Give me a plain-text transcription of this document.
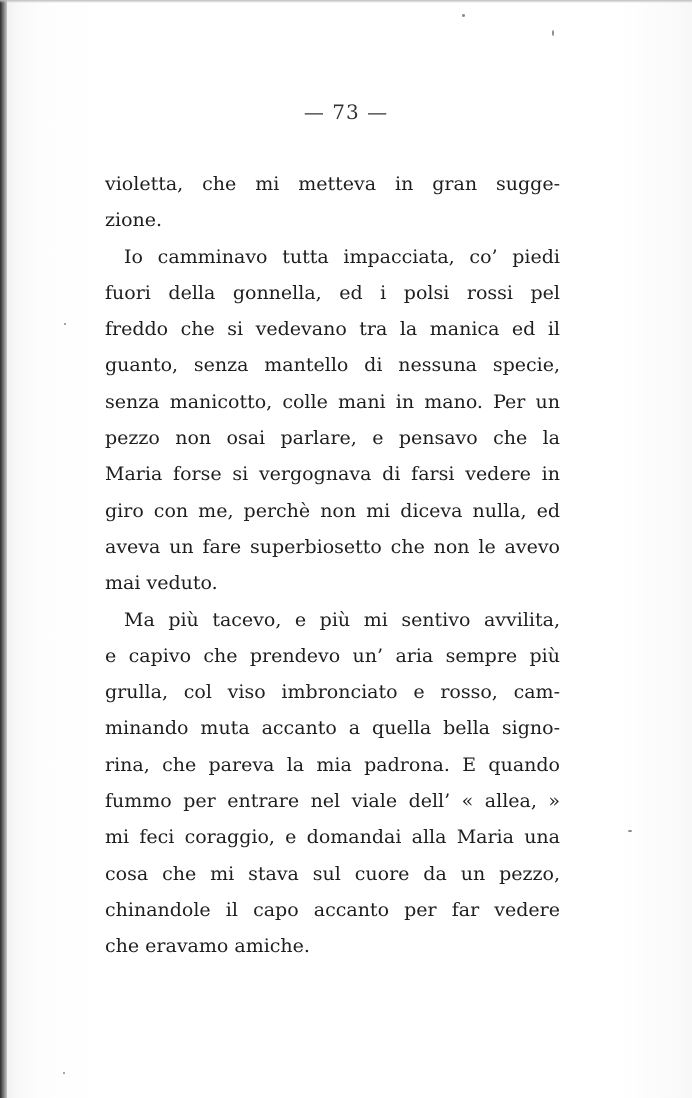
— 73 —
violetta, che mi metteva in gran sugge-
zione.
Io camminavo tutta impacciata, co’ piedi
fuori della gonnella, ed i polsi rossi pel
freddo che si vedevano tra la manica ed il
guanto, senza mantello di nessuna specie,
senza manicotto, colle mani in mano. Per un
pezzo non osai parlare, e pensavo che la
Maria forse si vergognava di farsi vedere in
giro con me, perchè non mi diceva nulla, ed
aveva un fare superbiosetto che non le avevo
mai veduto.
Ma più tacevo, e più mi sentivo avvilita,
e capivo che prendevo un’ aria sempre più
grulla, col viso imbronciato e rosso, cam-
minando muta accanto a quella bella signo-
rina, che pareva la mia padrona. E quando
fummo per entrare nel viale dell’ « allea, »
mi feci coraggio, e domandai alla Maria una
cosa che mi stava sul cuore da un pezzo,
chinandole il capo accanto per far vedere
che eravamo amiche.
